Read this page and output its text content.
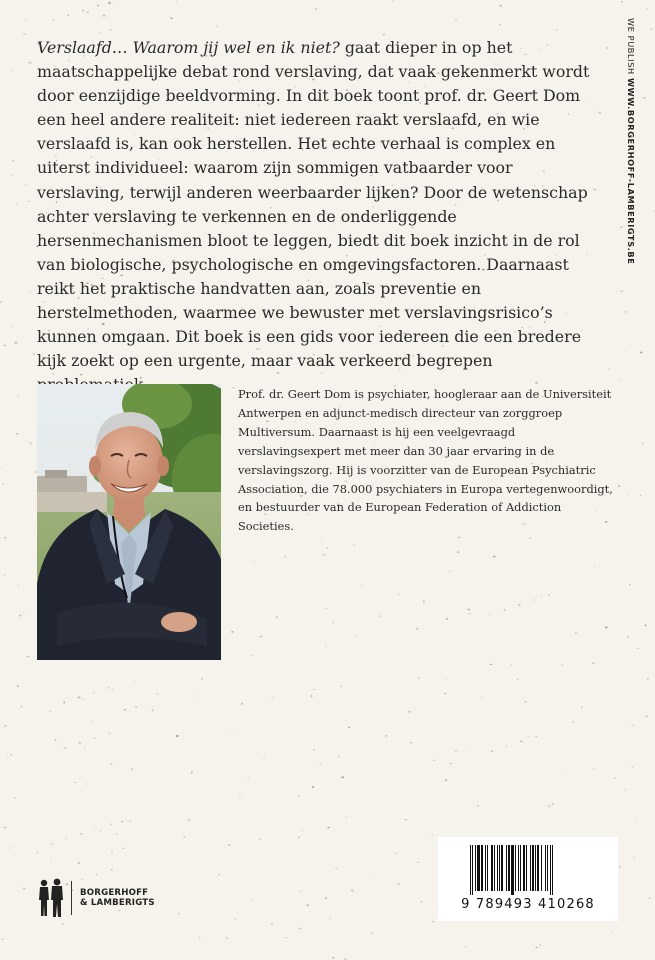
WE PUBLISH WWW.BORGERHOFF-LAMBERIGTS.BE

Verslaafd… Waarom jij wel en ik niet? gaat dieper in op het maatschappelijke debat rond verslaving, dat vaak gekenmerkt wordt door eenzijdige beeldvorming. In dit boek toont prof. dr. Geert Dom een heel andere realiteit: niet iedereen raakt verslaafd, en wie verslaafd is, kan ook herstellen. Het echte verhaal is complex en uiterst individueel: waarom zijn sommigen vatbaarder voor verslaving, terwijl anderen weerbaarder lijken? Door de wetenschap achter verslaving te verkennen en de onderliggende hersenmechanismen bloot te leggen, biedt dit boek inzicht in de rol van biologische, psychologische en omgevingsfactoren. Daarnaast reikt het praktische handvatten aan, zoals preventie en herstelmethoden, waarmee we bewuster met verslavingsrisico’s kunnen omgaan. Dit boek is een gids voor iedereen die een bredere kijk zoekt op een urgente, maar vaak verkeerd begrepen

Prof. dr. Geert Dom is psychiater, hoogleraar aan de Universiteit Antwerpen en adjunct-medisch directeur van zorggroep Multiversum. Daarnaast is hij een veelgevraagd verslavingsexpert met meer dan 30 jaar ervaring in de verslavingszorg. Hij is voorzitter van de European Psychiatric Association, die 78.000 psychiaters in Europa vertegenwoordigt, en bestuurder van de European Federation of Addiction Societies.

BORGERHOFF
& LAMBERIGTS	9 789493 410268
